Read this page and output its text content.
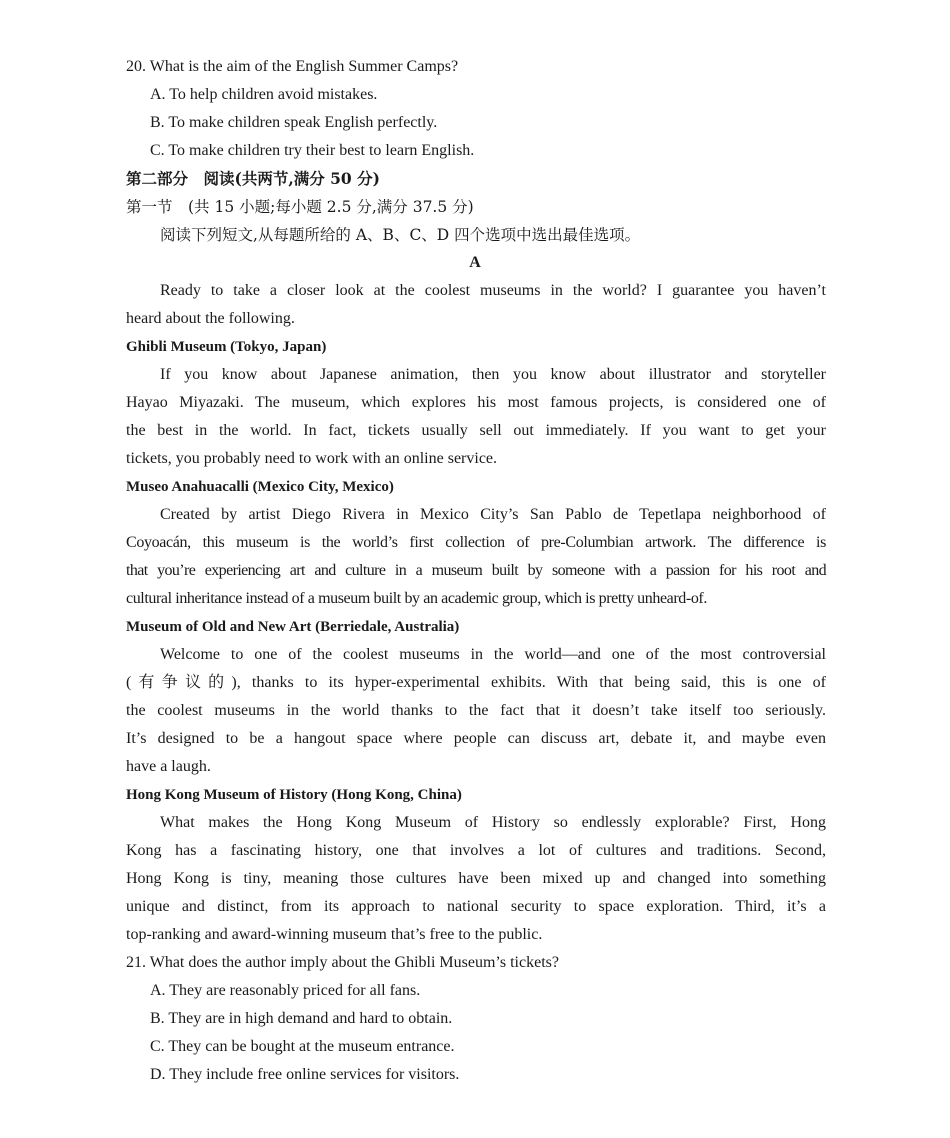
20. What is the aim of the English Summer Camps?
A. To help children avoid mistakes.
B. To make children speak English perfectly.
C. To make children try their best to learn English.
第二部分　阅读(共两节,满分 50 分)
第一节　(共 15 小题;每小题 2.5 分,满分 37.5 分)
阅读下列短文,从每题所给的 A、B、C、D 四个选项中选出最佳选项。
A
Ready to take a closer look at the coolest museums in the world? I guarantee you haven’t
heard about the following.
Ghibli Museum (Tokyo, Japan)
If you know about Japanese animation, then you know about illustrator and storyteller
Hayao Miyazaki. The museum, which explores his most famous projects, is considered one of
the best in the world. In fact, tickets usually sell out immediately. If you want to get your
tickets, you probably need to work with an online service.
Museo Anahuacalli (Mexico City, Mexico)
Created by artist Diego Rivera in Mexico City’s San Pablo de Tepetlapa neighborhood of
Coyoacán, this museum is the world’s first collection of pre-Columbian artwork. The difference is
that you’re experiencing art and culture in a museum built by someone with a passion for his root and
cultural inheritance instead of a museum built by an academic group, which is pretty unheard-of.
Museum of Old and New Art (Berriedale, Australia)
Welcome to one of the coolest museums in the world—and one of the most controversial
(有争议的), thanks to its hyper-experimental exhibits. With that being said, this is one of
the coolest museums in the world thanks to the fact that it doesn’t take itself too seriously.
It’s designed to be a hangout space where people can discuss art, debate it, and maybe even
have a laugh.
Hong Kong Museum of History (Hong Kong, China)
What makes the Hong Kong Museum of History so endlessly explorable? First, Hong
Kong has a fascinating history, one that involves a lot of cultures and traditions. Second,
Hong Kong is tiny, meaning those cultures have been mixed up and changed into something
unique and distinct, from its approach to national security to space exploration. Third, it’s a
top-ranking and award-winning museum that’s free to the public.
21. What does the author imply about the Ghibli Museum’s tickets?
A. They are reasonably priced for all fans.
B. They are in high demand and hard to obtain.
C. They can be bought at the museum entrance.
D. They include free online services for visitors.
